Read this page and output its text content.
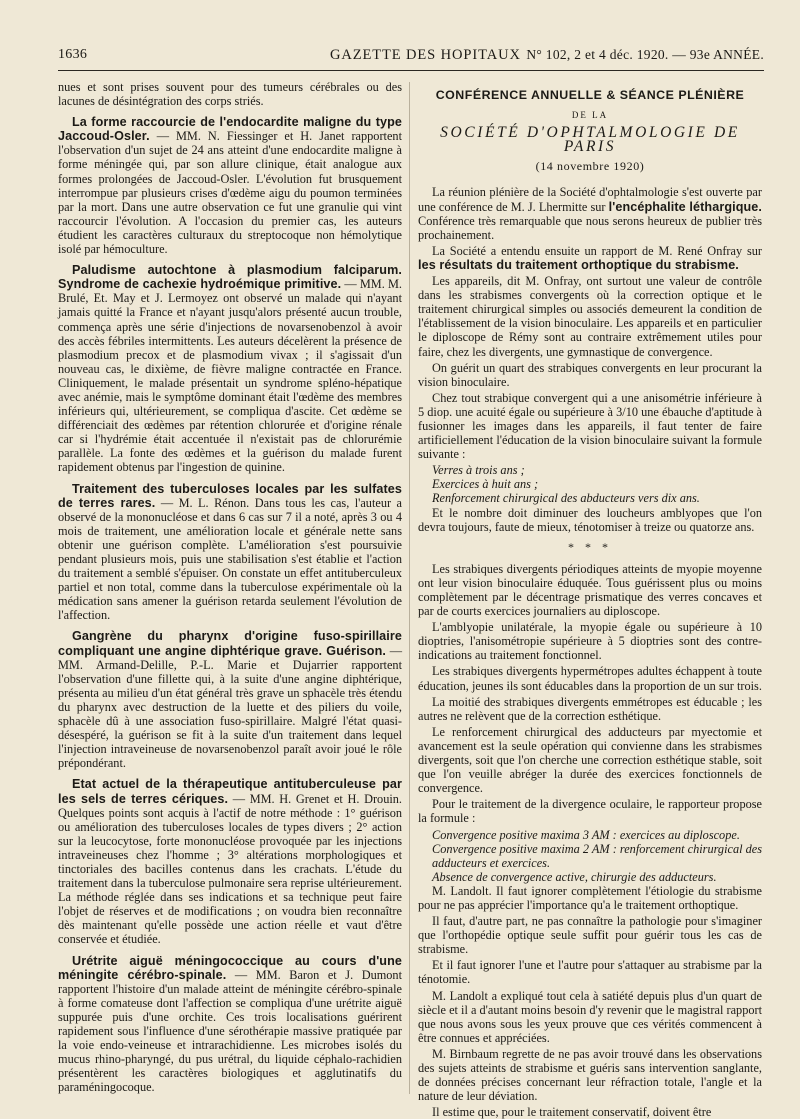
1636	GAZETTE DES HOPITAUX N° 102, 2 et 4 déc. 1920. — 93e ANNÉE.

nues et sont prises souvent pour des tumeurs cérébrales ou des lacunes de désintégration des corps striés.

La forme raccourcie de l'endocardite maligne du type Jaccoud-Osler. — MM. N. Fiessinger et H. Janet rapportent l'observation d'un sujet de 24 ans atteint d'une endocardite maligne à forme méningée qui, par son allure clinique, était analogue aux formes prolongées de Jaccoud-Osler. L'évolution fut brusquement interrompue par plusieurs crises d'œdème aigu du poumon terminées par la mort. Dans une autre observation ce fut une granulie qui vint raccourcir l'évolution. A l'occasion du premier cas, les auteurs étudient les caractères culturaux du streptocoque non hémolytique isolé par hémoculture.

Paludisme autochtone à plasmodium falciparum. Syndrome de cachexie hydroémique primitive. — MM. M. Brulé, Et. May et J. Lermoyez ont observé un malade qui n'ayant jamais quitté la France et n'ayant jusqu'alors présenté aucun trouble, commença après une série d'injections de novarsenobenzol à avoir des accès fébriles intermittents. Les auteurs décelèrent la présence de plasmodium precox et de plasmodium vivax ; il s'agissait d'un nouveau cas, le dixième, de fièvre maligne contractée en France. Cliniquement, le malade présentait un syndrome spléno-hépatique avec anémie, mais le symptôme dominant était l'œdème des membres inférieurs qui, ultérieurement, se compliqua d'ascite. Cet œdème se différenciait des œdèmes par rétention chlorurée et d'origine rénale car si l'hydrémie était accentuée il n'existait pas de chlorurémie parallèle. La fonte des œdèmes et la guérison du malade furent rapidement obtenus par l'ingestion de quinine.

Traitement des tuberculoses locales par les sulfates de terres rares. — M. L. Rénon. Dans tous les cas, l'auteur a observé de la mononucléose et dans 6 cas sur 7 il a noté, après 3 ou 4 mois de traitement, une amélioration locale et générale nette sans obtenir une guérison complète. L'amélioration s'est poursuivie pendant plusieurs mois, puis une stabilisation s'est établie et l'action du traitement a semblé s'épuiser. On constate un effet antituberculeux partiel et non total, comme dans la tuberculose expérimentale où la médication sans amener la guérison retarda seulement l'évolution de l'affection.

Gangrène du pharynx d'origine fuso-spirillaire compliquant une angine diphtérique grave. Guérison. — MM. Armand-Delille, P.-L. Marie et Dujarrier rapportent l'observation d'une fillette qui, à la suite d'une angine diphtérique, présenta au milieu d'un état général très grave un sphacèle très étendu du pharynx avec destruction de la luette et des piliers du voile, sphacèle dû à une association fuso-spirillaire. Malgré l'état quasi-désespéré, la guérison se fit à la suite d'un traitement dans lequel l'injection intraveineuse de novarsenobenzol paraît avoir joué le rôle prépondérant.

Etat actuel de la thérapeutique antituberculeuse par les sels de terres cériques. — MM. H. Grenet et H. Drouin. Quelques points sont acquis à l'actif de notre méthode : 1° guérison ou amélioration des tuberculoses locales de types divers ; 2° action sur la leucocytose, forte mononucléose provoquée par les injections intraveineuses chez l'homme ; 3° altérations morphologiques et tinctoriales des bacilles contenus dans les crachats. L'étude du traitement dans la tuberculose pulmonaire sera reprise ultérieurement. La méthode réglée dans ses indications et sa technique peut faire l'objet de réserves et de modifications ; on voudra bien reconnaître dès maintenant qu'elle possède une action réelle et vaut d'être conservée et étudiée.

Urétrite aiguë méningococcique au cours d'une méningite cérébro-spinale. — MM. Baron et J. Dumont rapportent l'histoire d'un malade atteint de méningite cérébro-spinale à forme comateuse dont l'affection se compliqua d'une urétrite aiguë suppurée puis d'une orchite. Ces trois localisations guérirent rapidement sous l'influence d'une sérothérapie massive pratiquée par la voie endo-veineuse et intrarachidienne. Les microbes isolés du mucus rhino-pharyngé, du pus urétral, du liquide céphalo-rachidien présentèrent les caractères biologiques et agglutinatifs du paraméningocoque.

CONFÉRENCE ANNUELLE & SÉANCE PLÉNIÈRE
DE LA
SOCIÉTÉ D'OPHTALMOLOGIE DE PARIS
(14 novembre 1920)

La réunion plénière de la Société d'ophtalmologie s'est ouverte par une conférence de M. J. Lhermitte sur l'encéphalite léthargique. Conférence très remarquable que nous serons heureux de publier très prochainement.

La Société a entendu ensuite un rapport de M. René Onfray sur les résultats du traitement orthoptique du strabisme.

Les appareils, dit M. Onfray, ont surtout une valeur de contrôle dans les strabismes convergents où la correction optique et le traitement chirurgical simples ou associés demeurent la condition de l'établissement de la vision binoculaire. Les appareils et en particulier le diploscope de Rémy sont au contraire extrêmement utiles pour faire, chez les divergents, une gymnastique de convergence.

On guérit un quart des strabiques convergents en leur procurant la vision binoculaire.

Chez tout strabique convergent qui a une anisométrie inférieure à 5 diop. une acuité égale ou supérieure à 3/10 une ébauche d'aptitude à fusionner les images dans les appareils, il faut tenter de faire artificiellement l'éducation de la vision binoculaire suivant la formule suivante :

Verres à trois ans ;

Exercices à huit ans ;

Renforcement chirurgical des abducteurs vers dix ans.

Et le nombre doit diminuer des loucheurs amblyopes que l'on devra toujours, faute de mieux, ténotomiser à treize ou quatorze ans.

* * *

Les strabiques divergents périodiques atteints de myopie moyenne ont leur vision binoculaire éduquée. Tous guérissent plus ou moins complètement par le décentrage prismatique des verres concaves et par de courts exercices journaliers au diploscope.

L'amblyopie unilatérale, la myopie égale ou supérieure à 10 dioptries, l'anisométropie supérieure à 5 dioptries sont des contre-indications au traitement fonctionnel.

Les strabiques divergents hypermétropes adultes échappent à toute éducation, jeunes ils sont éducables dans la proportion de un sur trois.

La moitié des strabiques divergents emmétropes est éducable ; les autres ne relèvent que de la correction esthétique.

Le renforcement chirurgical des adducteurs par myectomie et avancement est la seule opération qui convienne dans les strabismes divergents, soit que l'on cherche une correction esthétique stable, soit que l'on veuille abréger la durée des exercices fonctionnels de convergence.

Pour le traitement de la divergence oculaire, le rapporteur propose la formule :

Convergence positive maxima 3 AM : exercices au diploscope.

Convergence positive maxima 2 AM : renforcement chirurgical des adducteurs et exercices.

Absence de convergence active, chirurgie des adducteurs.

M. Landolt. Il faut ignorer complètement l'étiologie du strabisme pour ne pas apprécier l'importance qu'a le traitement orthoptique.

Il faut, d'autre part, ne pas connaître la pathologie pour s'imaginer que l'orthopédie optique seule suffit pour guérir tous les cas de strabisme.

Et il faut ignorer l'une et l'autre pour s'attaquer au strabisme par la ténotomie.

M. Landolt a expliqué tout cela à satiété depuis plus d'un quart de siècle et il a d'autant moins besoin d'y revenir que le magistral rapport que nous avons sous les yeux prouve que ces vérités commencent à être connues et appréciées.

M. Birnbaum regrette de ne pas avoir trouvé dans les observations des sujets atteints de strabisme et guéris sans intervention sanglante, de données précises concernant leur réfraction totale, l'angle et la nature de leur déviation.

Il estime que, pour le traitement conservatif, doivent être
